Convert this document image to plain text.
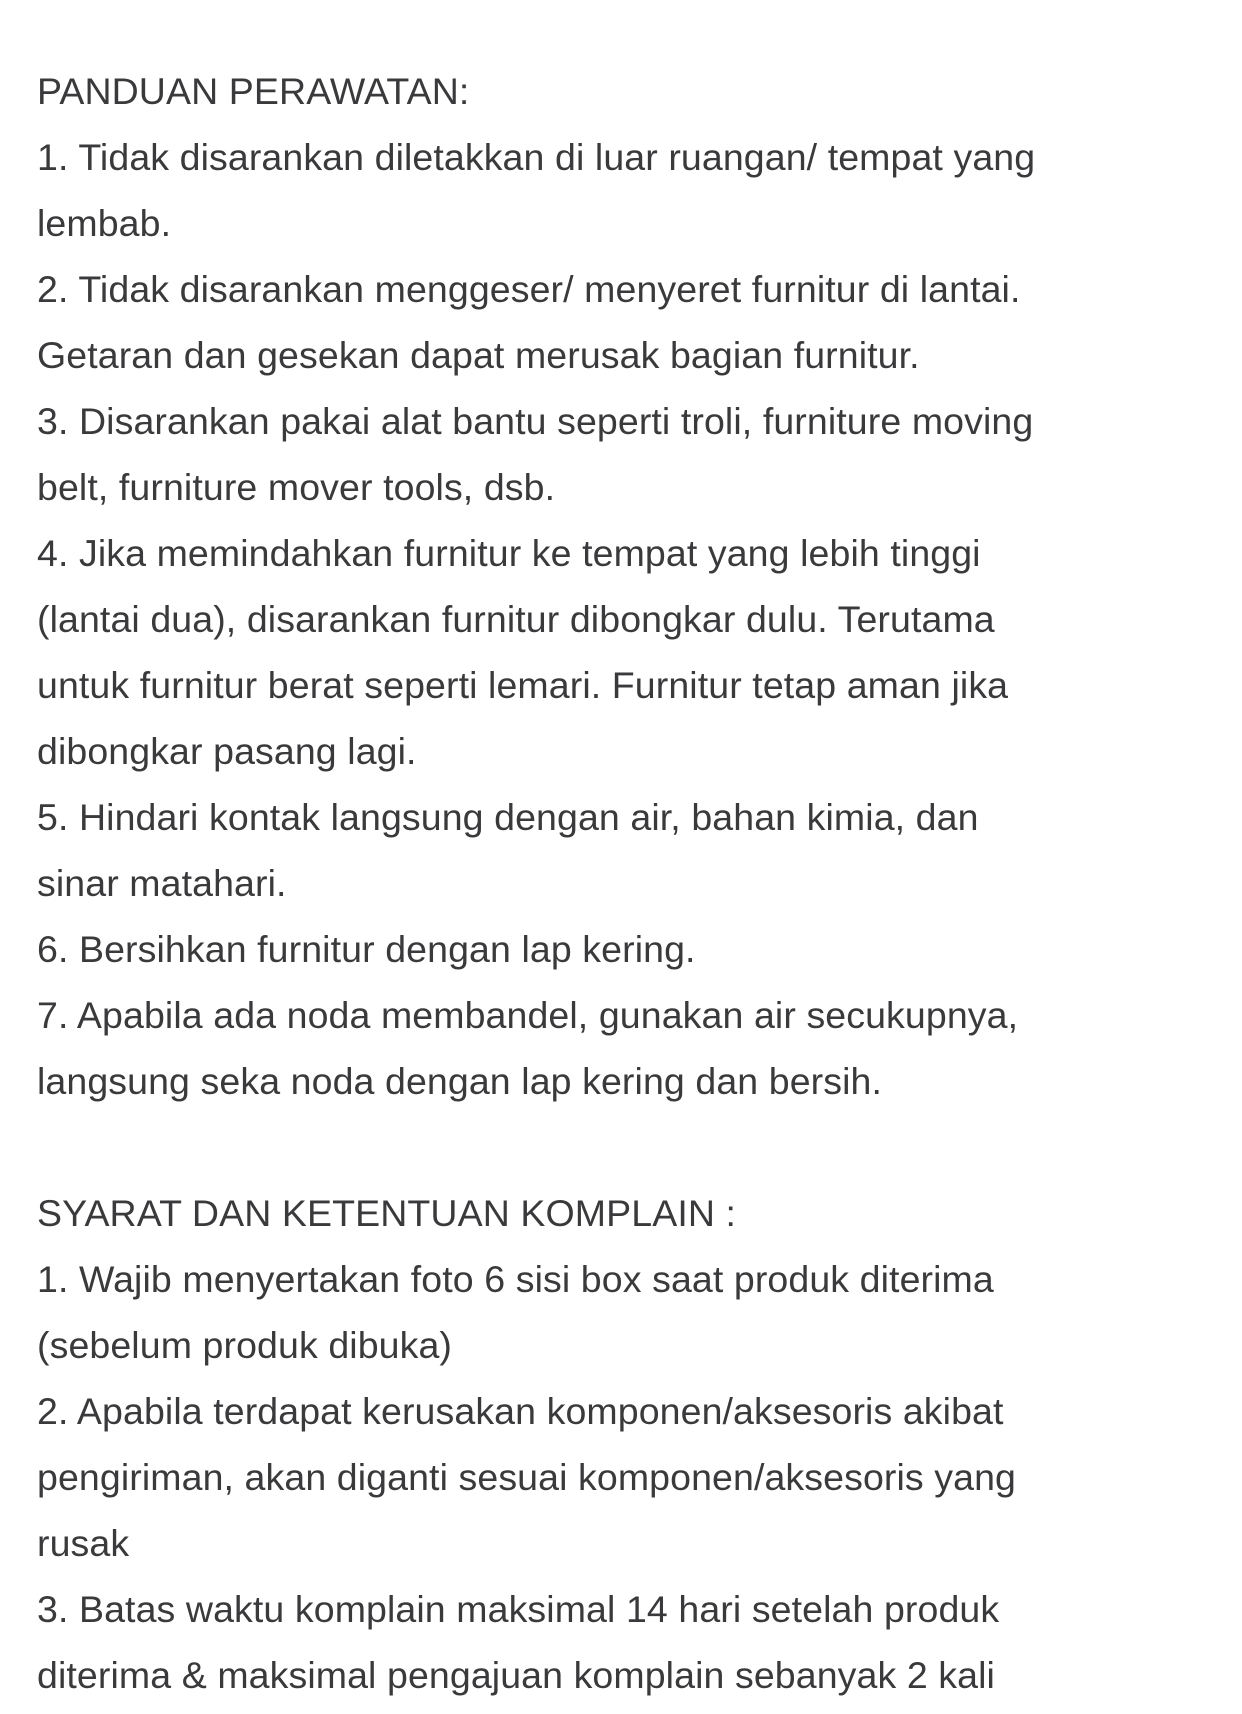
PANDUAN PERAWATAN:
1. Tidak disarankan diletakkan di luar ruangan/ tempat yang
lembab.
2. Tidak disarankan menggeser/ menyeret furnitur di lantai.
Getaran dan gesekan dapat merusak bagian furnitur.
3. Disarankan pakai alat bantu seperti troli, furniture moving
belt, furniture mover tools, dsb.
4. Jika memindahkan furnitur ke tempat yang lebih tinggi
(lantai dua), disarankan furnitur dibongkar dulu. Terutama
untuk furnitur berat seperti lemari. Furnitur tetap aman jika
dibongkar pasang lagi.
5. Hindari kontak langsung dengan air, bahan kimia, dan
sinar matahari.
6. Bersihkan furnitur dengan lap kering.
7. Apabila ada noda membandel, gunakan air secukupnya,
langsung seka noda dengan lap kering dan bersih.
SYARAT DAN KETENTUAN KOMPLAIN :
1. Wajib menyertakan foto 6 sisi box saat produk diterima
(sebelum produk dibuka)
2. Apabila terdapat kerusakan komponen/aksesoris akibat
pengiriman, akan diganti sesuai komponen/aksesoris yang
rusak
3. Batas waktu komplain maksimal 14 hari setelah produk
diterima & maksimal pengajuan komplain sebanyak 2 kali
